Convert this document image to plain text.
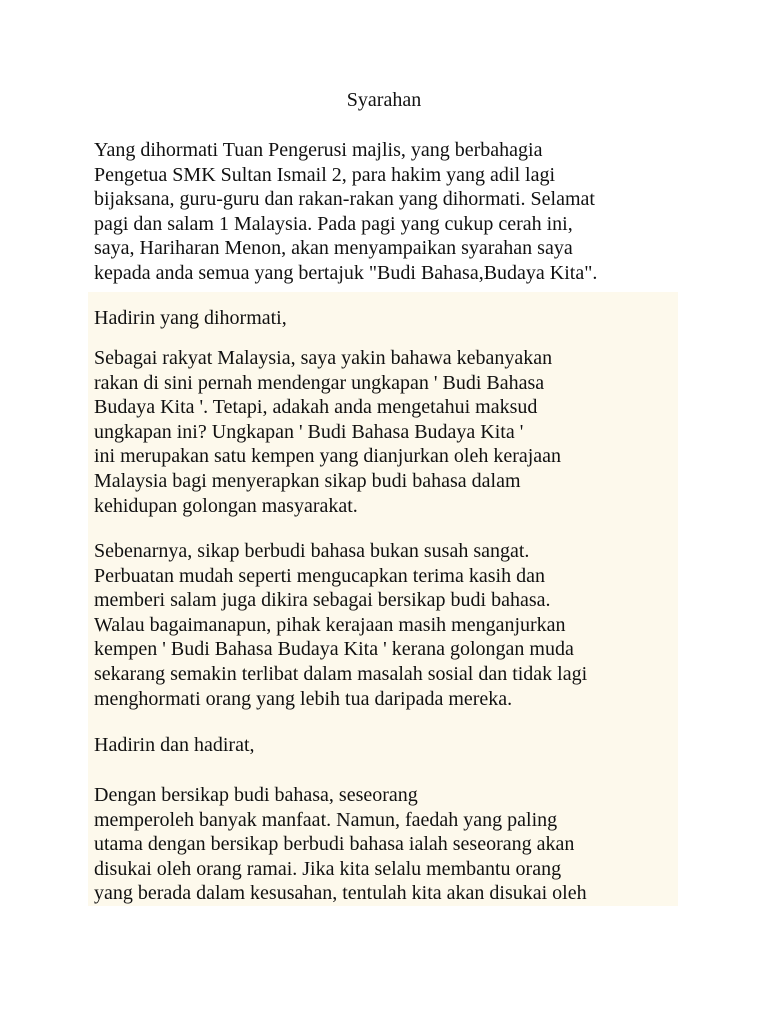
Syarahan
Yang dihormati Tuan Pengerusi majlis, yang berbahagia
Pengetua SMK Sultan Ismail 2, para hakim yang adil lagi
bijaksana, guru-guru dan rakan-rakan yang dihormati. Selamat
pagi dan salam 1 Malaysia. Pada pagi yang cukup cerah ini,
saya, Hariharan Menon, akan menyampaikan syarahan saya
kepada anda semua yang bertajuk "Budi Bahasa,Budaya Kita".
Hadirin yang dihormati,
Sebagai rakyat Malaysia, saya yakin bahawa kebanyakan
rakan di sini pernah mendengar ungkapan ' Budi Bahasa
Budaya Kita '. Tetapi, adakah anda mengetahui maksud
ungkapan ini? Ungkapan ' Budi Bahasa Budaya Kita '
ini merupakan satu kempen yang dianjurkan oleh kerajaan
Malaysia bagi menyerapkan sikap budi bahasa dalam
kehidupan golongan masyarakat.
Sebenarnya, sikap berbudi bahasa bukan susah sangat.
Perbuatan mudah seperti mengucapkan terima kasih dan
memberi salam juga dikira sebagai bersikap budi bahasa.
Walau bagaimanapun, pihak kerajaan masih menganjurkan
kempen ' Budi Bahasa Budaya Kita ' kerana golongan muda
sekarang semakin terlibat dalam masalah sosial dan tidak lagi
menghormati orang yang lebih tua daripada mereka.
Hadirin dan hadirat,
Dengan bersikap budi bahasa, seseorang
memperoleh banyak manfaat. Namun, faedah yang paling
utama dengan bersikap berbudi bahasa ialah seseorang akan
disukai oleh orang ramai. Jika kita selalu membantu orang
yang berada dalam kesusahan, tentulah kita akan disukai oleh
